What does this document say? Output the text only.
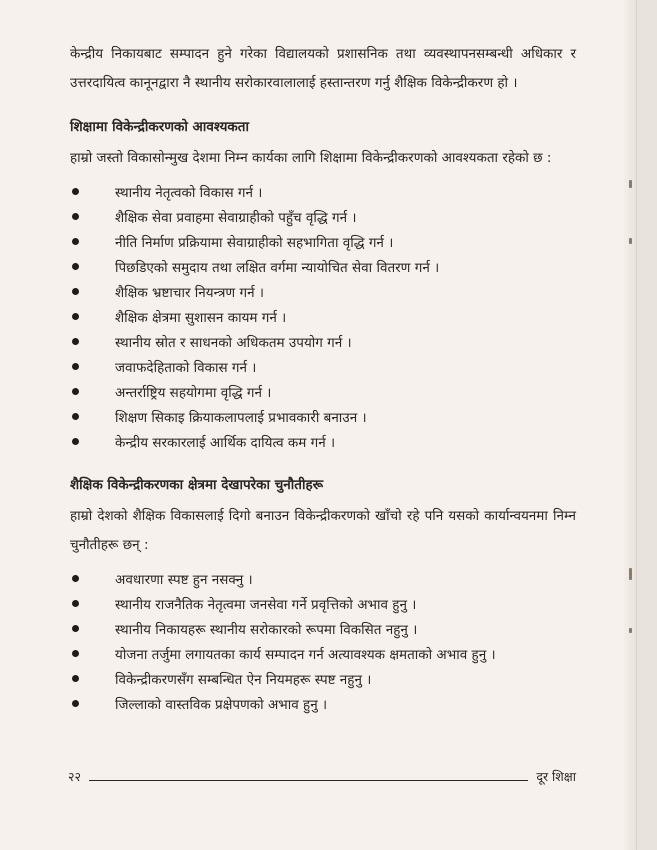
केन्द्रीय निकायबाट सम्पादन हुने गरेका विद्यालयको प्रशासनिक तथा व्यवस्थापनसम्बन्धी अधिकार र उत्तरदायित्व कानूनद्वारा नै स्थानीय सरोकारवालालाई हस्तान्तरण गर्नु शैक्षिक विकेन्द्रीकरण हो ।

शिक्षामा विकेन्द्रीकरणको आवश्यकता

हाम्रो जस्तो विकासोन्मुख देशमा निम्न कार्यका लागि शिक्षामा विकेन्द्रीकरणको आवश्यकता रहेको छ :

स्थानीय नेतृत्वको विकास गर्न ।
शैक्षिक सेवा प्रवाहमा सेवाग्राहीको पहुँच वृद्धि गर्न ।
नीति निर्माण प्रक्रियामा सेवाग्राहीको सहभागिता वृद्धि गर्न ।
पिछडिएको समुदाय तथा लक्षित वर्गमा न्यायोचित सेवा वितरण गर्न ।
शैक्षिक भ्रष्टाचार नियन्त्रण गर्न ।
शैक्षिक क्षेत्रमा सुशासन कायम गर्न ।
स्थानीय स्रोत र साधनको अधिकतम उपयोग गर्न ।
जवाफदेहिताको विकास गर्न ।
अन्तर्राष्ट्रिय सहयोगमा वृद्धि गर्न ।
शिक्षण सिकाइ क्रियाकलापलाई प्रभावकारी बनाउन ।
केन्द्रीय सरकारलाई आर्थिक दायित्व कम गर्न ।
शैक्षिक विकेन्द्रीकरणका क्षेत्रमा देखापरेका चुनौतीहरू

हाम्रो देशको शैक्षिक विकासलाई दिगो बनाउन विकेन्द्रीकरणको खाँचो रहे पनि यसको कार्यान्वयनमा निम्न चुनौतीहरू छन् :

अवधारणा स्पष्ट हुन नसक्नु ।
स्थानीय राजनैतिक नेतृत्वमा जनसेवा गर्ने प्रवृत्तिको अभाव हुनु ।
स्थानीय निकायहरू स्थानीय सरोकारको रूपमा विकसित नहुनु ।
योजना तर्जुमा लगायतका कार्य सम्पादन गर्न अत्यावश्यक क्षमताको अभाव हुनु ।
विकेन्द्रीकरणसँग सम्बन्धित ऐन नियमहरू स्पष्ट नहुनु ।
जिल्लाको वास्तविक प्रक्षेपणको अभाव हुनु ।
२२	दूर शिक्षा
